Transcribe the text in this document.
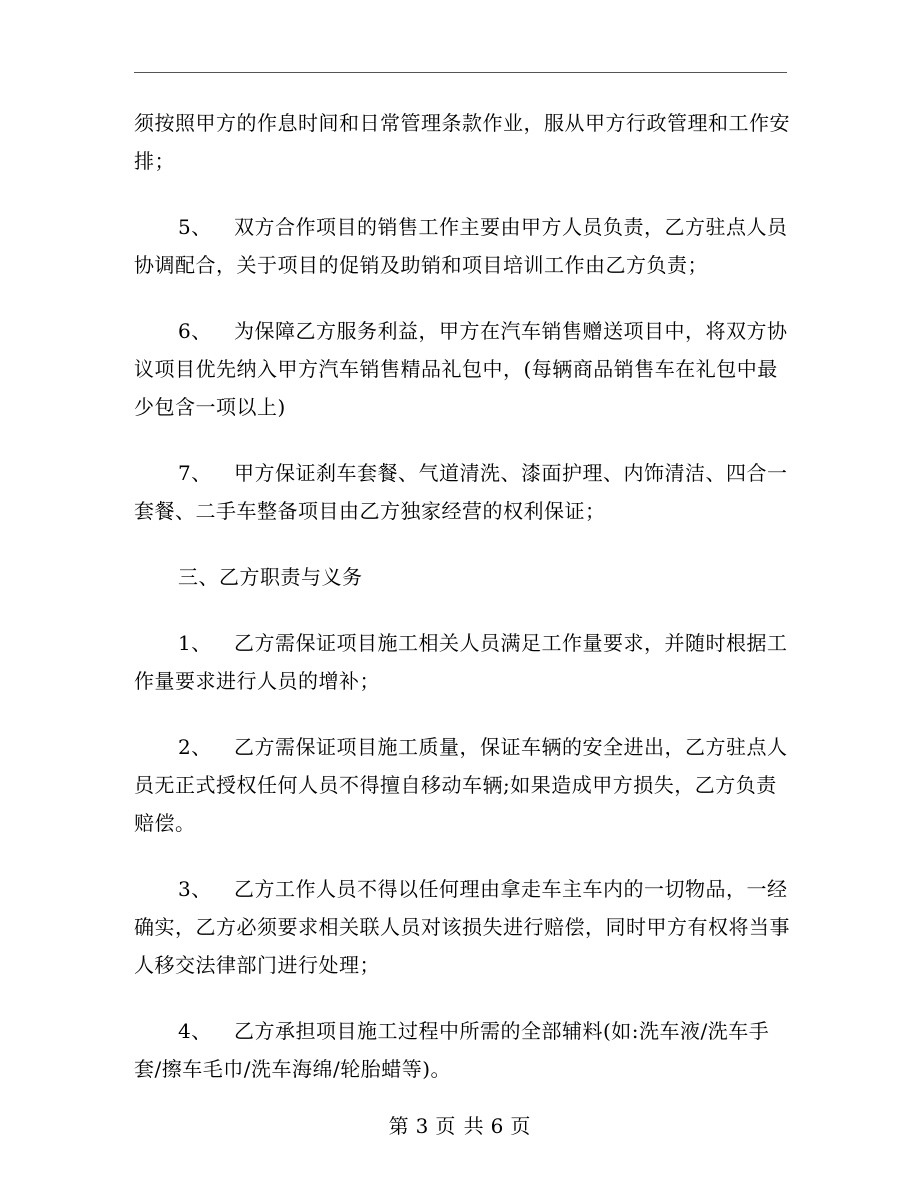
须按照甲方的作息时间和日常管理条款作业，服从甲方行政管理和工作安排；

5、 双方合作项目的销售工作主要由甲方人员负责，乙方驻点人员协调配合，关于项目的促销及助销和项目培训工作由乙方负责；

6、 为保障乙方服务利益，甲方在汽车销售赠送项目中，将双方协议项目优先纳入甲方汽车销售精品礼包中，(每辆商品销售车在礼包中最少包含一项以上)

7、 甲方保证刹车套餐、气道清洗、漆面护理、内饰清洁、四合一套餐、二手车整备项目由乙方独家经营的权利保证；

三、乙方职责与义务

1、 乙方需保证项目施工相关人员满足工作量要求，并随时根据工作量要求进行人员的增补；

2、 乙方需保证项目施工质量，保证车辆的安全进出，乙方驻点人员无正式授权任何人员不得擅自移动车辆;如果造成甲方损失，乙方负责赔偿。

3、 乙方工作人员不得以任何理由拿走车主车内的一切物品，一经确实，乙方必须要求相关联人员对该损失进行赔偿，同时甲方有权将当事人移交法律部门进行处理；

4、 乙方承担项目施工过程中所需的全部辅料(如:洗车液/洗车手套/擦车毛巾/洗车海绵/轮胎蜡等)。

第 3 页 共 6 页
